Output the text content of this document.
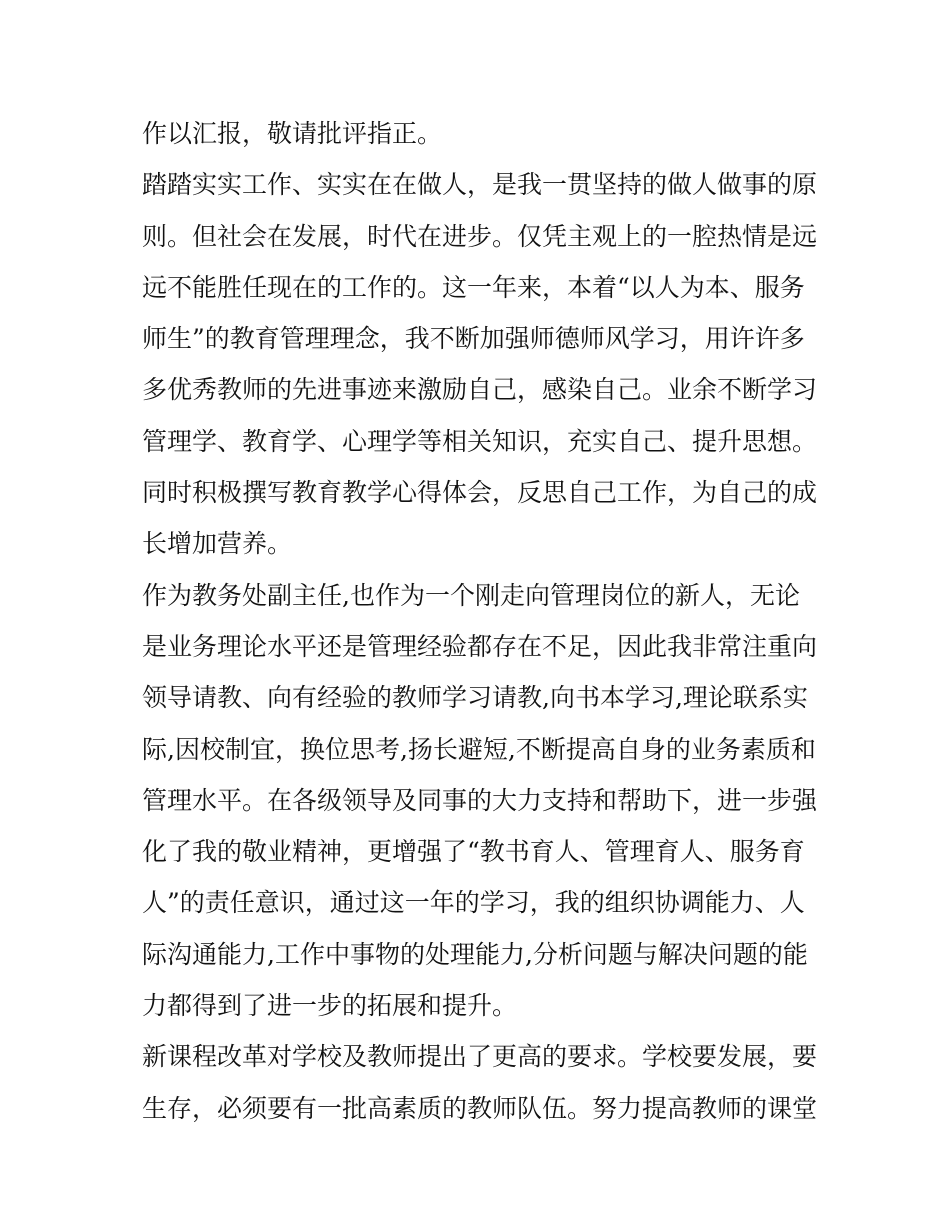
作以汇报，敬请批评指正。
踏踏实实工作、实实在在做人，是我一贯坚持的做人做事的原
则。但社会在发展，时代在进步。仅凭主观上的一腔热情是远
远不能胜任现在的工作的。这一年来，本着“以人为本、服务
师生”的教育管理理念，我不断加强师德师风学习，用许许多
多优秀教师的先进事迹来激励自己，感染自己。业余不断学习
管理学、教育学、心理学等相关知识，充实自己、提升思想。
同时积极撰写教育教学心得体会，反思自己工作，为自己的成
长增加营养。
作为教务处副主任,也作为一个刚走向管理岗位的新人，无论
是业务理论水平还是管理经验都存在不足，因此我非常注重向
领导请教、向有经验的教师学习请教,向书本学习,理论联系实
际,因校制宜，换位思考,扬长避短,不断提高自身的业务素质和
管理水平。在各级领导及同事的大力支持和帮助下，进一步强
化了我的敬业精神，更增强了“教书育人、管理育人、服务育
人”的责任意识，通过这一年的学习，我的组织协调能力、人
际沟通能力,工作中事物的处理能力,分析问题与解决问题的能
力都得到了进一步的拓展和提升。
新课程改革对学校及教师提出了更高的要求。学校要发展，要
生存，必须要有一批高素质的教师队伍。努力提高教师的课堂
